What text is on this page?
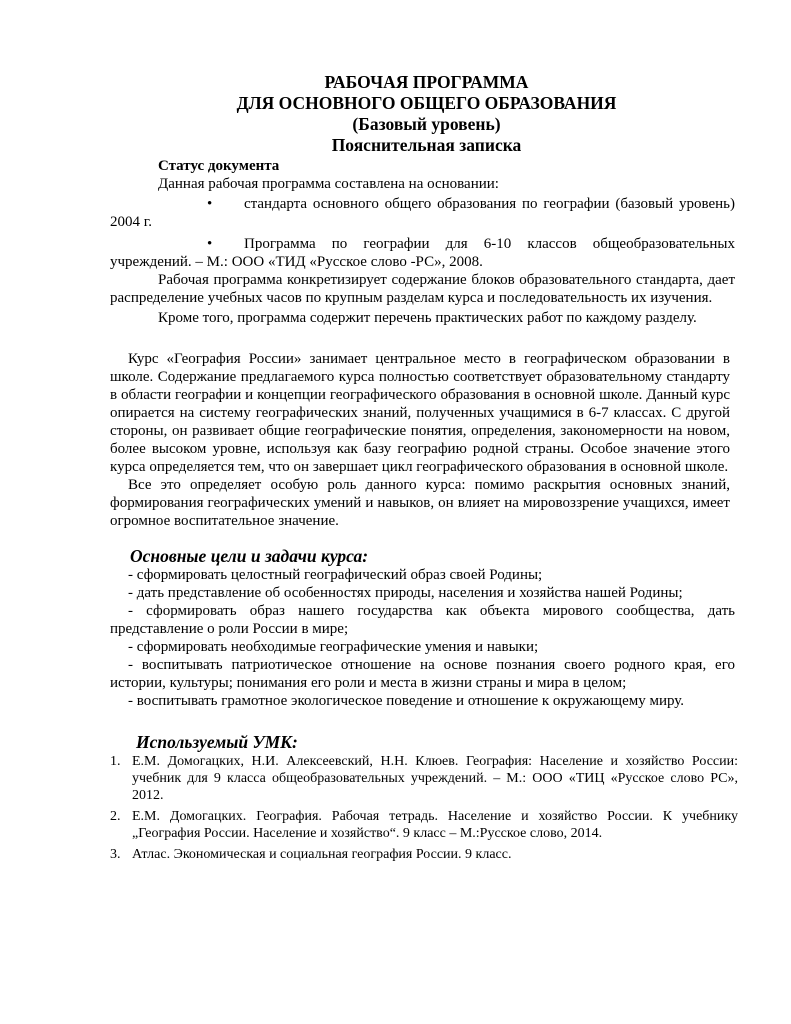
РАБОЧАЯ ПРОГРАММА
ДЛЯ ОСНОВНОГО ОБЩЕГО ОБРАЗОВАНИЯ
(Базовый уровень)
Пояснительная записка

Статус документа

Данная рабочая программа составлена на основании:

•	стандарта основного общего образования по географии (базовый уровень) 2004 г.
•	Программа по географии для 6-10 классов общеобразовательных учреждений. – М.: ООО «ТИД «Русское слово -РС», 2008.

Рабочая программа конкретизирует содержание блоков образовательного стандарта, дает распределение учебных часов по крупным разделам курса и последовательность их изучения.

Кроме того, программа содержит перечень практических работ по каждому разделу.

Курс «География России» занимает центральное место в географическом образовании в школе. Содержание предлагаемого курса полностью соответствует образовательному стандарту в области географии и концепции географического образования в основной школе. Данный курс опирается на систему географических знаний, полученных учащимися в 6-7 классах. С другой стороны, он развивает общие географические понятия, определения, закономерности на новом, более высоком уровне, используя как базу географию родной страны. Особое значение этого курса определяется тем, что он завершает цикл географического образования в основной школе.

Все это определяет особую роль данного курса: помимо раскрытия основных знаний, формирования географических умений и навыков, он влияет на мировоззрение учащихся, имеет огромное воспитательное значение.

Основные цели и задачи курса:

- сформировать целостный географический образ своей Родины;

- дать представление об особенностях природы, населения и хозяйства нашей Родины;

- сформировать образ нашего государства как объекта мирового сообщества, дать представление о роли России в мире;

- сформировать необходимые географические умения и навыки;

- воспитывать патриотическое отношение на основе познания своего родного края, его истории, культуры; понимания его роли и места в жизни страны и мира в целом;

- воспитывать грамотное экологическое поведение и отношение к окружающему миру.

Используемый УМК:

1. Е.М. Домогацких, Н.И. Алексеевский, Н.Н. Клюев. География: Население и хозяйство России: учебник для 9 класса общеобразовательных учреждений. – М.: ООО «ТИЦ «Русское слово РС», 2012.
2. Е.М. Домогацких. География. Рабочая тетрадь. Население и хозяйство России. К учебнику „География России. Население и хозяйство“. 9 класс – М.:Русское слово, 2014.
3. Атлас. Экономическая и социальная география России. 9 класс.
